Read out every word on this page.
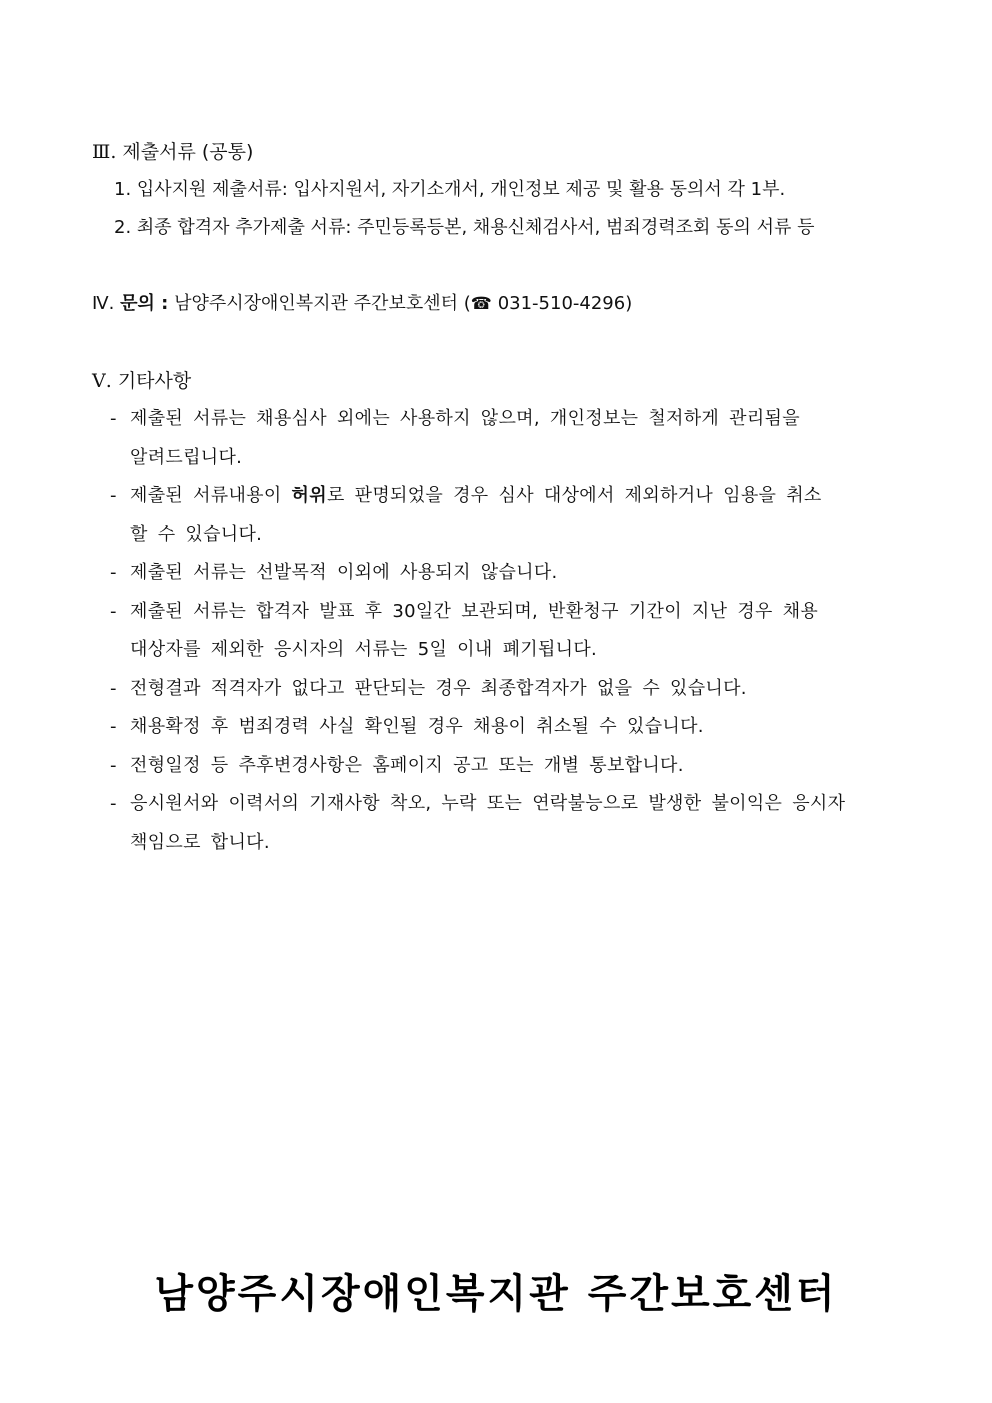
Ⅲ. 제출서류 (공통)
1. 입사지원 제출서류: 입사지원서, 자기소개서, 개인정보 제공 및 활용 동의서 각 1부.
2. 최종 합격자 추가제출 서류: 주민등록등본, 채용신체검사서, 범죄경력조회 동의 서류 등
Ⅳ. 문의 : 남양주시장애인복지관 주간보호센터 (☎ 031-510-4296)
Ⅴ. 기타사항
- 제출된 서류는 채용심사 외에는 사용하지 않으며, 개인정보는 철저하게 관리됨을
알려드립니다.
- 제출된 서류내용이 허위로 판명되었을 경우 심사 대상에서 제외하거나 임용을 취소
할 수 있습니다.
- 제출된 서류는 선발목적 이외에 사용되지 않습니다.
- 제출된 서류는 합격자 발표 후 30일간 보관되며, 반환청구 기간이 지난 경우 채용
대상자를 제외한 응시자의 서류는 5일 이내 폐기됩니다.
- 전형결과 적격자가 없다고 판단되는 경우 최종합격자가 없을 수 있습니다.
- 채용확정 후 범죄경력 사실 확인될 경우 채용이 취소될 수 있습니다.
- 전형일정 등 추후변경사항은 홈페이지 공고 또는 개별 통보합니다.
- 응시원서와 이력서의 기재사항 착오, 누락 또는 연락불능으로 발생한 불이익은 응시자
책임으로 합니다.
남양주시장애인복지관 주간보호센터
